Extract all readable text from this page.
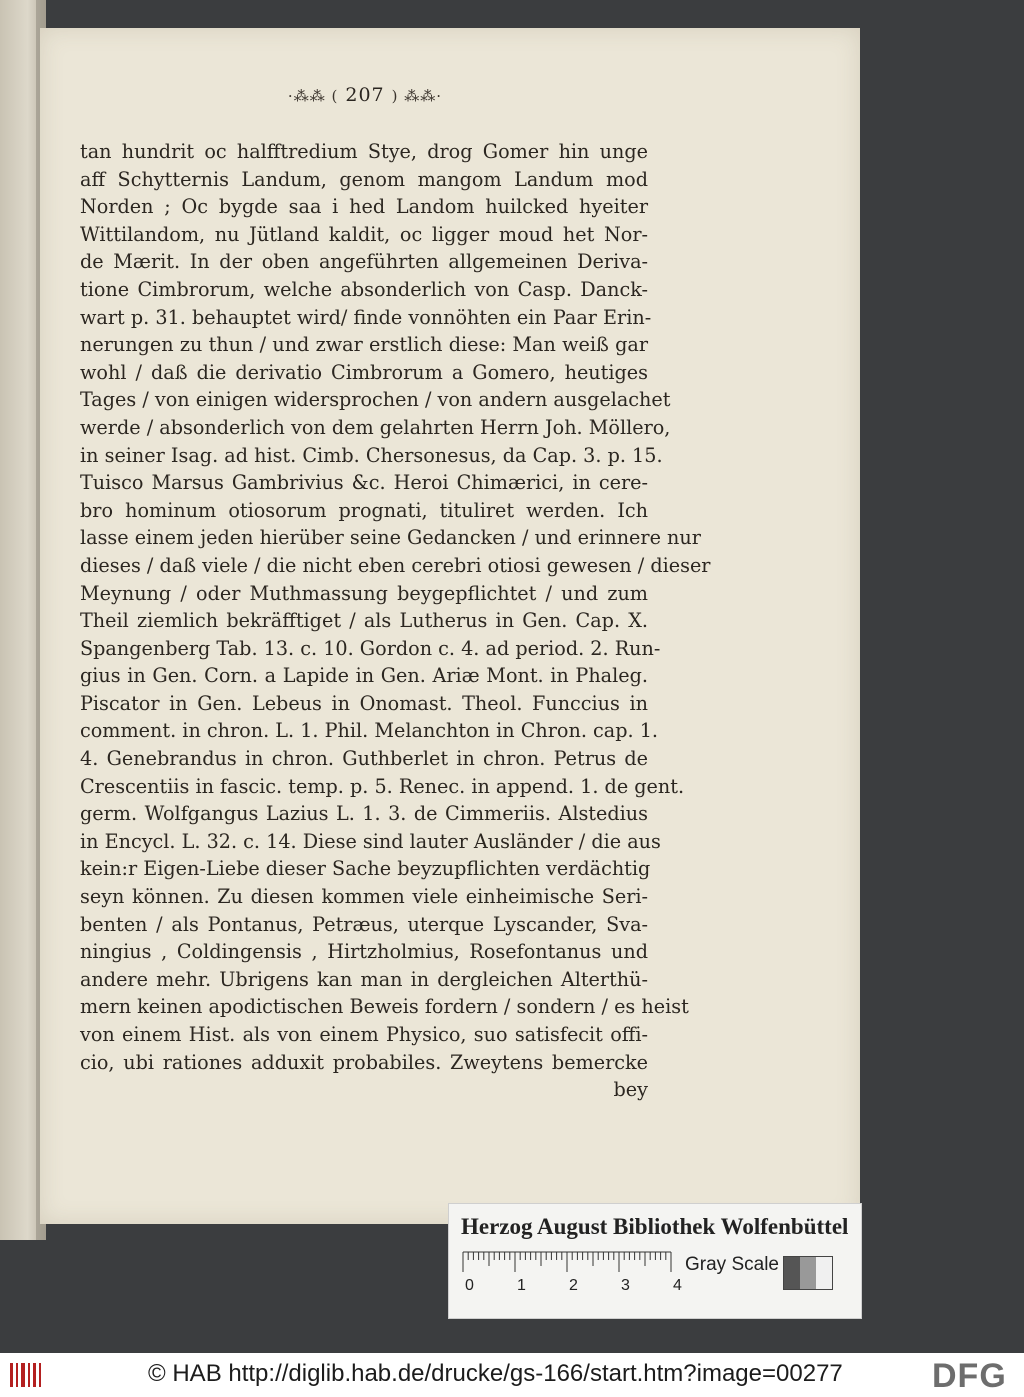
·⁂⁂ ( 207 ) ⁂⁂·
tan hundrit oc halfftredium Stye, drog Gomer hin unge
aff Schytternis Landum, genom mangom Landum mod
Norden ; Oc bygde saa i hed Landom huilcked hyeiter
Wittilandom, nu Jütland kaldit, oc ligger moud het Nor-
de Mærit. In der oben angeführten allgemeinen Deriva-
tione Cimbrorum, welche absonderlich von Casp. Danck-
wart p. 31. behauptet wird/ finde vonnöhten ein Paar Erin-
nerungen zu thun / und zwar erstlich diese: Man weiß gar
wohl / daß die derivatio Cimbrorum a Gomero, heutiges
Tages / von einigen widersprochen / von andern ausgelachet
werde / absonderlich von dem gelahrten Herrn Joh. Möllero,
in seiner Isag. ad hist. Cimb. Chersonesus, da Cap. 3. p. 15.
Tuisco Marsus Gambrivius &c. Heroi Chimærici, in cere-
bro hominum otiosorum prognati, tituliret werden. Ich
lasse einem jeden hierüber seine Gedancken / und erinnere nur
dieses / daß viele / die nicht eben cerebri otiosi gewesen / dieser
Meynung / oder Muthmassung beygepflichtet / und zum
Theil ziemlich bekräfftiget / als Lutherus in Gen. Cap. X.
Spangenberg Tab. 13. c. 10. Gordon c. 4. ad period. 2. Run-
gius in Gen. Corn. a Lapide in Gen. Ariæ Mont. in Phaleg.
Piscator in Gen. Lebeus in Onomast. Theol. Funccius in
comment. in chron. L. 1. Phil. Melanchton in Chron. cap. 1.
4. Genebrandus in chron. Guthberlet in chron. Petrus de
Crescentiis in fascic. temp. p. 5. Renec. in append. 1. de gent.
germ. Wolfgangus Lazius L. 1. 3. de Cimmeriis. Alstedius
in Encycl. L. 32. c. 14. Diese sind lauter Ausländer / die aus
kein:r Eigen-Liebe dieser Sache beyzupflichten verdächtig
seyn können. Zu diesen kommen viele einheimische Seri-
benten / als Pontanus, Petræus, uterque Lyscander, Sva-
ningius , Coldingensis , Hirtzholmius, Rosefontanus und
andere mehr. Ubrigens kan man in dergleichen Alterthü-
mern keinen apodictischen Beweis fordern / sondern / es heist
von einem Hist. als von einem Physico, suo satisfecit offi-
cio, ubi rationes adduxit probabiles. Zweytens bemercke
bey
Herzog August Bibliothek Wolfenbüttel
0	1	2	3	4
Gray Scale
© HAB http://diglib.hab.de/drucke/gs-166/start.htm?image=00277	DFG
